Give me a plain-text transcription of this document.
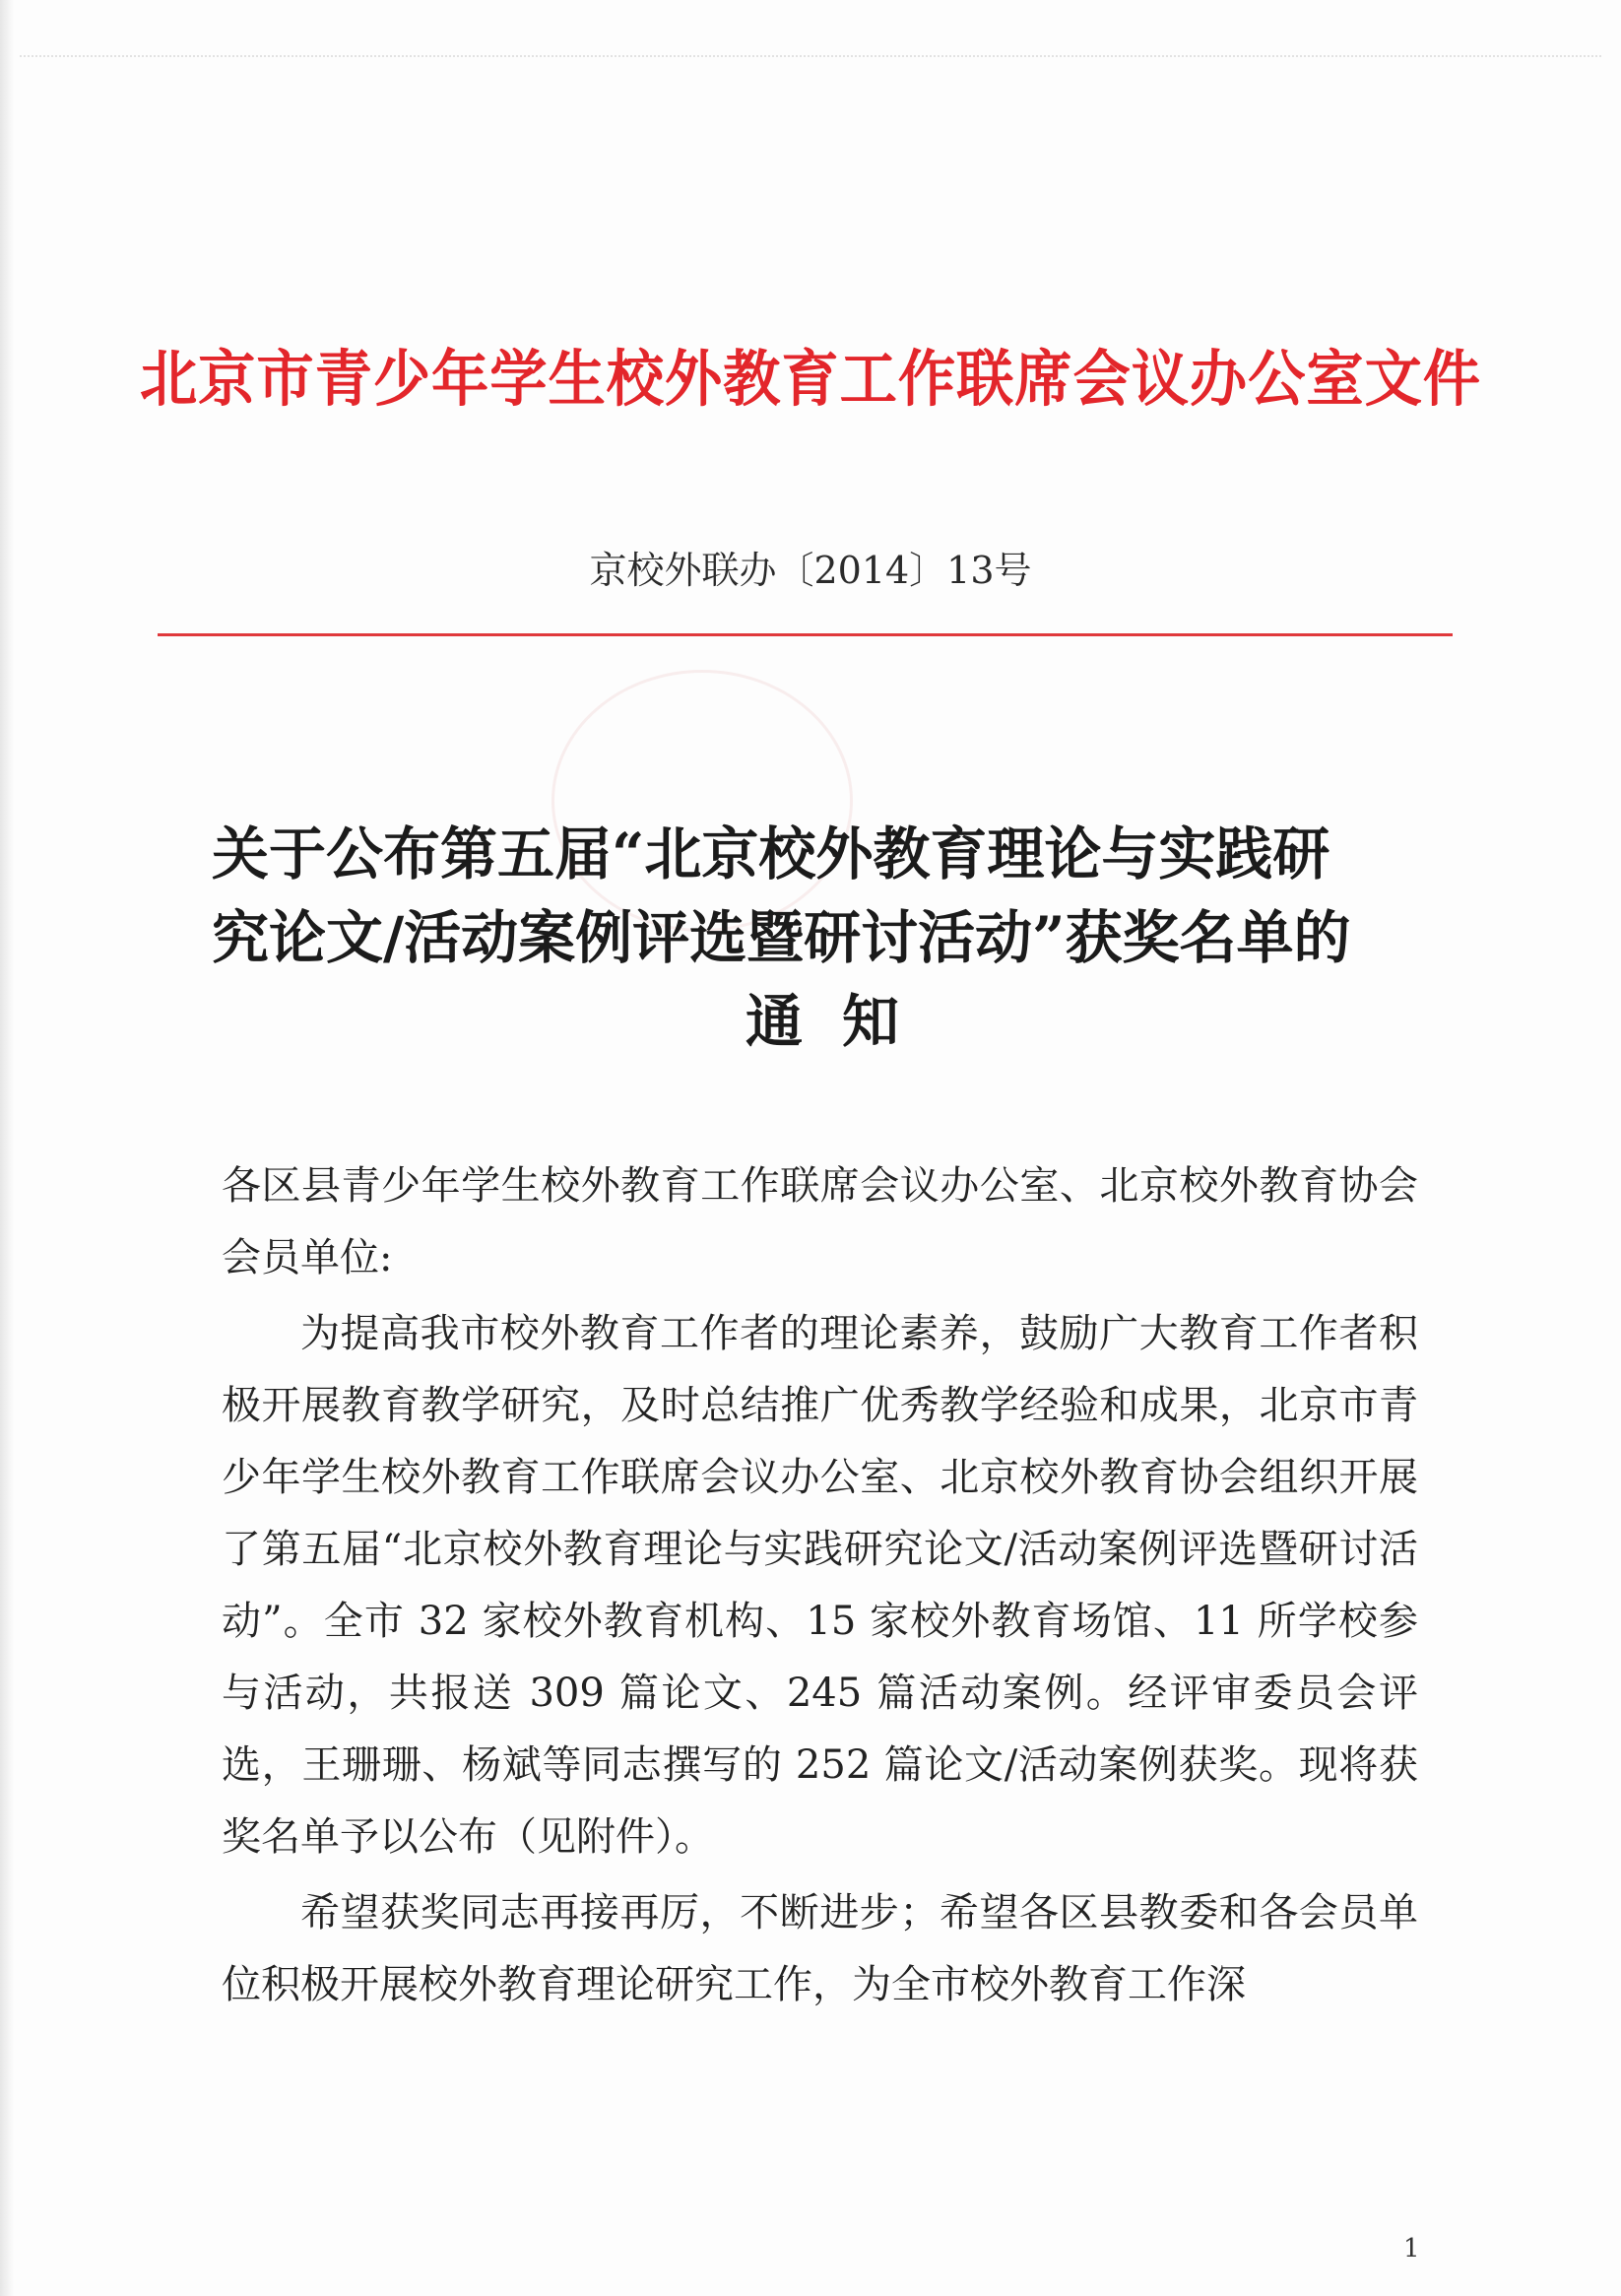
北京市青少年学生校外教育工作联席会议办公室文件
京校外联办〔2014〕13号
关于公布第五届“北京校外教育理论与实践研
究论文/活动案例评选暨研讨活动”获奖名单的
通知

各区县青少年学生校外教育工作联席会议办公室、北京校外教育协会会员单位:

为提高我市校外教育工作者的理论素养，鼓励广大教育工作者积极开展教育教学研究，及时总结推广优秀教学经验和成果，北京市青少年学生校外教育工作联席会议办公室、北京校外教育协会组织开展了第五届“北京校外教育理论与实践研究论文/活动案例评选暨研讨活动”。全市 32 家校外教育机构、15 家校外教育场馆、11 所学校参与活动，共报送 309 篇论文、245 篇活动案例。经评审委员会评选，王珊珊、杨斌等同志撰写的 252 篇论文/活动案例获奖。现将获奖名单予以公布（见附件）。

希望获奖同志再接再厉，不断进步；希望各区县教委和各会员单位积极开展校外教育理论研究工作，为全市校外教育工作深

1
